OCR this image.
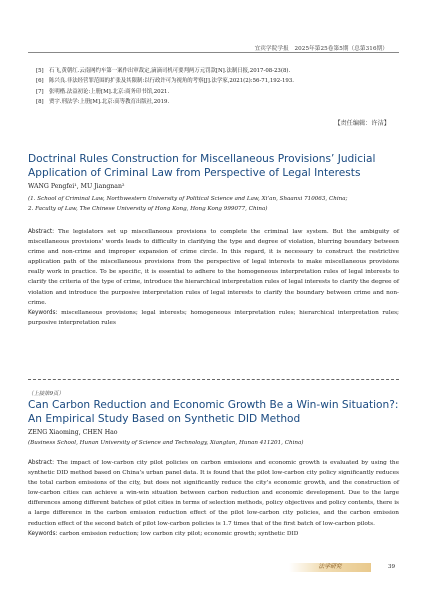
宜宾学院学报　2025年第25卷第5期（总第316期）
[5] 石飞,黄朝红.云南网约车第一案作出审裁定,滴滴司机可要判两万元罚款[N].法制日报,2017-08-23(8).
[6] 陈兴良.非法经营罪范围的扩张及其限制:以行政许可为视角的考察[J].法学家,2021(2):56-71,192-193.
[7] 张明楷.法益初论:上册[M].北京:商务印书馆,2021.
[8] 贾宇.刑法学:上册[M].北京:高等教育出版社,2019.
【责任编辑：许洁】
Doctrinal Rules Construction for Miscellaneous Provisions’ Judicial Application of Criminal Law from Perspective of Legal Interests
WANG Pengfei¹, MU Jiangnan²
(1. School of Criminal Law, Northwestern University of Political Science and Law, Xi’an, Shaanxi 710063, China;
2. Faculty of Law, The Chinese University of Hong Kong, Hong Kong 999077, China)
Abstract: The legislators set up miscellaneous provisions to complete the criminal law system. But the ambiguity of miscellaneous provisions’ words leads to difficulty in clarifying the type and degree of violation, blurring boundary between crime and non-crime and improper expansion of crime circle. In this regard, it is necessary to construct the restrictive application path of the miscellaneous provisions from the perspective of legal interests to make miscellaneous provisions really work in practice. To be specific, it is essential to adhere to the homogeneous interpretation rules of legal interests to clarify the criteria of the type of crime, introduce the hierarchical interpretation rules of legal interests to clarify the degree of violation and introduce the purposive interpretation rules of legal interests to clarify the boundary between crime and non-crime.
Keywords: miscellaneous provisions; legal interests; homogeneous interpretation rules; hierarchical interpretation rules; purposive interpretation rules
（上接第9页）
Can Carbon Reduction and Economic Growth Be a Win-win Situation?: An Empirical Study Based on Synthetic DID Method
ZENG Xiaoming, CHEN Hao
(Business School, Hunan University of Science and Technology, Xiangtan, Hunan 411201, China)
Abstract: The impact of low-carbon city pilot policies on carbon emissions and economic growth is evaluated by using the synthetic DID method based on China’s urban panel data. It is found that the pilot low-carbon city policy significantly reduces the total carbon emissions of the city, but does not significantly reduce the city’s economic growth, and the construction of low-carbon cities can achieve a win-win situation between carbon reduction and economic development. Due to the large differences among different batches of pilot cities in terms of selection methods, policy objectives and policy contents, there is a large difference in the carbon emission reduction effect of the pilot low-carbon city policies, and the carbon emission reduction effect of the second batch of pilot low-carbon policies is 1.7 times that of the first batch of low-carbon pilots.
Keywords: carbon emission reduction; low carbon city pilot; economic growth; synthetic DID
法学研究	39
